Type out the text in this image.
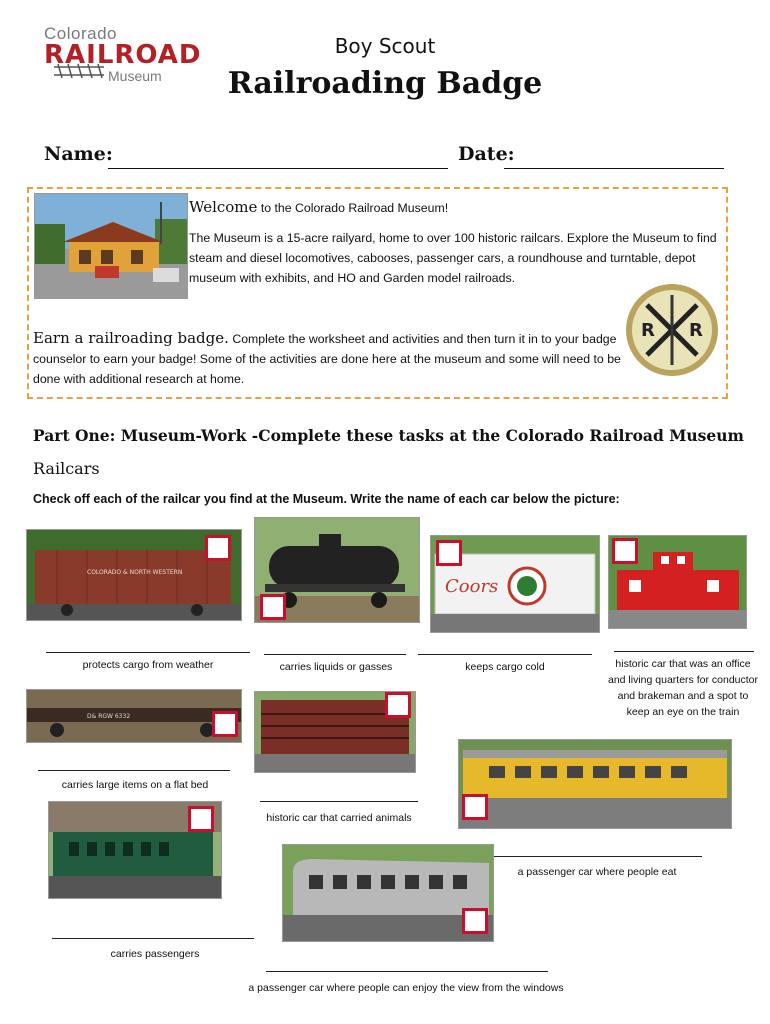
Colorado
RAILROAD
Museum
Boy Scout
Railroading Badge
Name:	Date:
Welcome to the Colorado Railroad Museum!
The Museum is a 15-acre railyard, home to over 100 historic railcars. Explore the Museum to find steam and diesel locomotives, cabooses, passenger cars, a roundhouse and turntable, depot museum with exhibits, and HO and Garden model railroads.
Earn a railroading badge. Complete the worksheet and activities and then turn it in to your badge counselor to earn your badge! Some of the activities are done here at the museum and some will need to be done with additional research at home.
R R
Part One: Museum-Work -Complete these tasks at the Colorado Railroad Museum
Railcars
Check off each of the railcar you find at the Museum. Write the name of each car below the picture:
COLORADO & NORTH WESTERN
protects cargo from weather	carries liquids or gasses
Coors
keeps cargo cold	historic car that was an office and living quarters for conductor and brakeman and a spot to keep an eye on the train
D& RGW 6332
carries large items on a flat bed
historic car that carried animals
a passenger car where people eat
carries passengers
a passenger car where people can enjoy the view from the windows
